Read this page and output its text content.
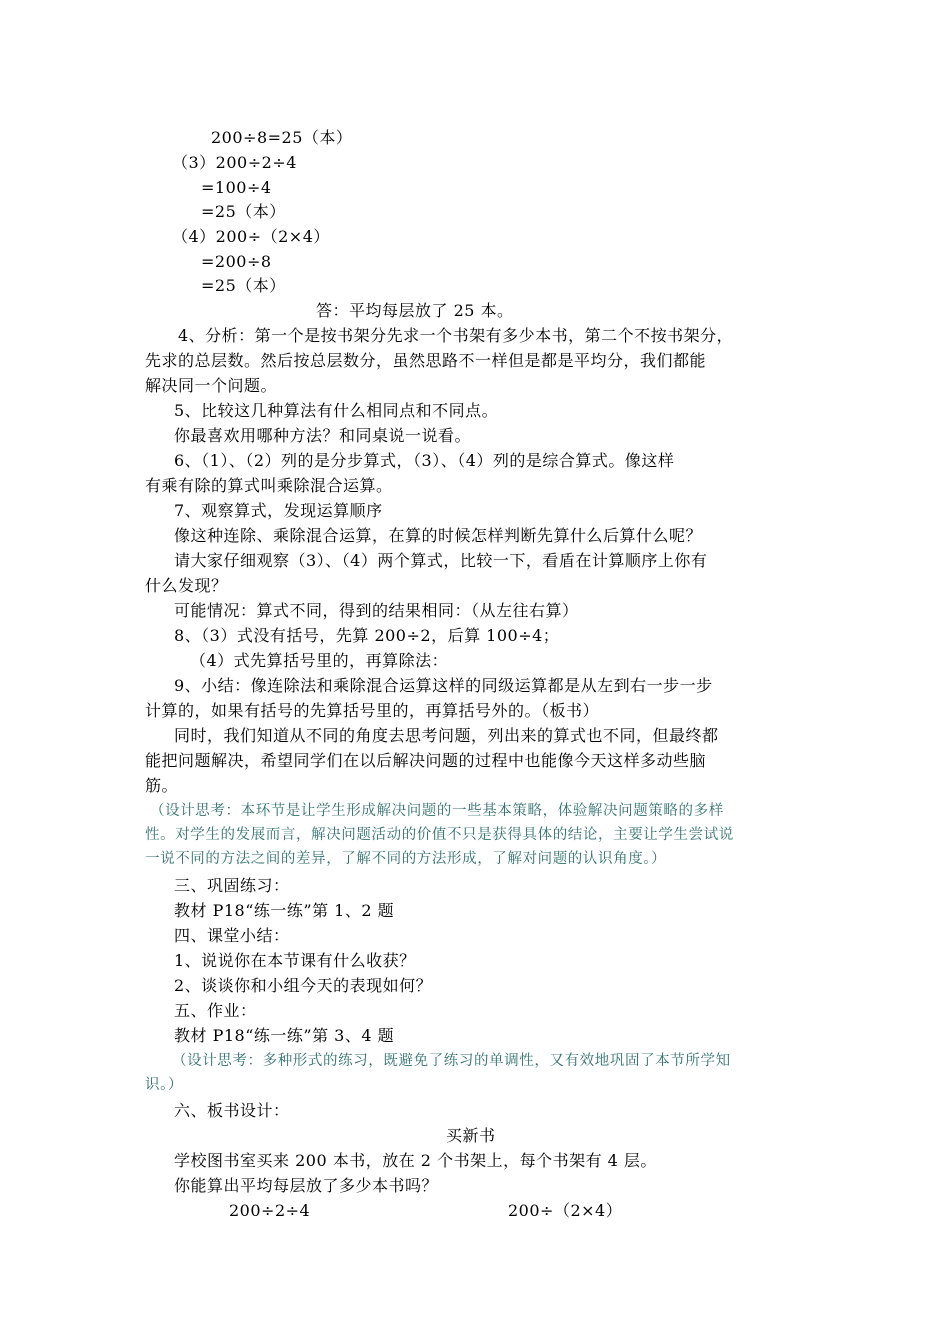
200÷8=25（本）
（3）200÷2÷4
=100÷4
=25（本）
（4）200÷（2×4）
=200÷8
=25（本）
答：平均每层放了 25 本。
4、分析：第一个是按书架分先求一个书架有多少本书，第二个不按书架分，
先求的总层数。然后按总层数分，虽然思路不一样但是都是平均分，我们都能
解决同一个问题。
5、比较这几种算法有什么相同点和不同点。
你最喜欢用哪种方法？和同桌说一说看。
6、（1）、（2）列的是分步算式，（3）、（4）列的是综合算式。像这样
有乘有除的算式叫乘除混合运算。
7、观察算式，发现运算顺序
像这种连除、乘除混合运算，在算的时候怎样判断先算什么后算什么呢？
请大家仔细观察（3）、（4）两个算式，比较一下，看盾在计算顺序上你有
什么发现？
可能情况：算式不同，得到的结果相同：（从左往右算）
8、（3）式没有括号，先算 200÷2，后算 100÷4；
（4）式先算括号里的，再算除法：
9、小结：像连除法和乘除混合运算这样的同级运算都是从左到右一步一步
计算的，如果有括号的先算括号里的，再算括号外的。（板书）
同时，我们知道从不同的角度去思考问题，列出来的算式也不同，但最终都
能把问题解决，希望同学们在以后解决问题的过程中也能像今天这样多动些脑
筋。
（设计思考：本环节是让学生形成解决问题的一些基本策略，体验解决问题策略的多样
性。对学生的发展而言，解决问题活动的价值不只是获得具体的结论，主要让学生尝试说
一说不同的方法之间的差异，了解不同的方法形成，了解对问题的认识角度。）
三、巩固练习：
教材 P18“练一练”第 1、2 题
四、课堂小结：
1、说说你在本节课有什么收获？
2、谈谈你和小组今天的表现如何？
五、作业：
教材 P18“练一练”第 3、4 题
（设计思考：多种形式的练习，既避免了练习的单调性，又有效地巩固了本节所学知
识。）
六、板书设计：
买新书
学校图书室买来 200 本书，放在 2 个书架上，每个书架有 4 层。
你能算出平均每层放了多少本书吗？
200÷2÷4	200÷（2×4）
